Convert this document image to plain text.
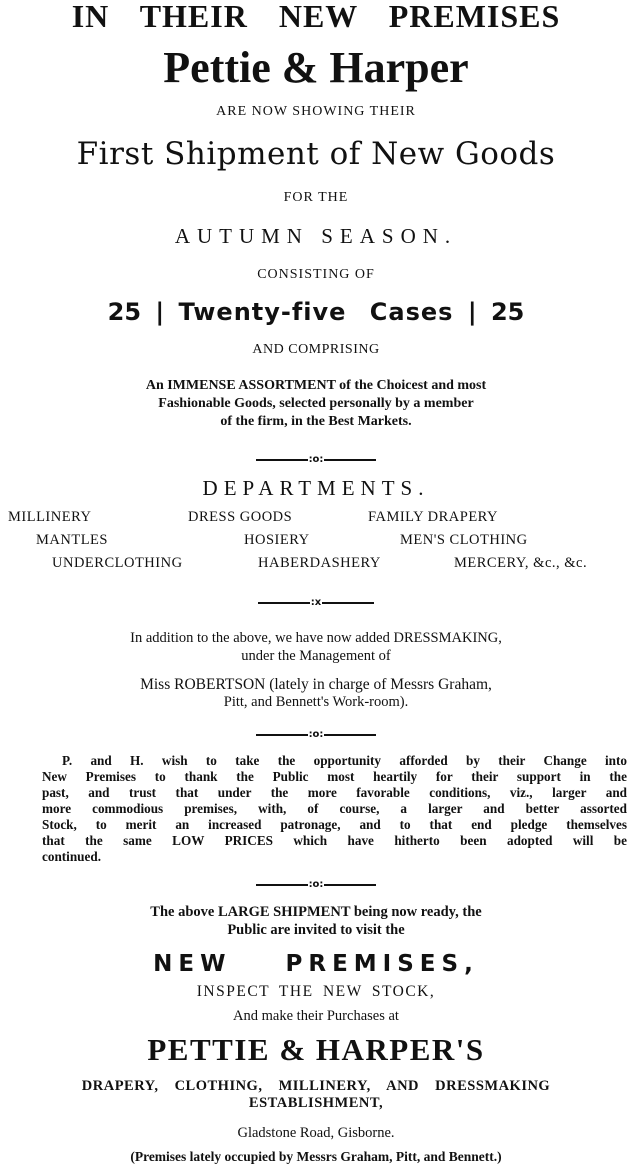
IN THEIR NEW PREMISES
Pettie & Harper
ARE NOW SHOWING THEIR
First Shipment of New Goods
FOR THE
AUTUMN SEASON.
CONSISTING OF
25 | Twenty-five Cases | 25
AND COMPRISING
An IMMENSE ASSORTMENT of the Choicest and most
Fashionable Goods, selected personally by a member
of the firm, in the Best Markets.
:o:
DEPARTMENTS.
MILLINERY	DRESS GOODS	FAMILY DRAPERY
MANTLES	HOSIERY	MEN'S CLOTHING
UNDERCLOTHING	HABERDASHERY	MERCERY, &c., &c.
:x
In addition to the above, we have now added DRESSMAKING,
under the Management of
Miss ROBERTSON (lately in charge of Messrs Graham,
Pitt, and Bennett's Work-room).
:o:
P. and H. wish to take the opportunity afforded by their Change into
New Premises to thank the Public most heartily for their support in the
past, and trust that under the more favorable conditions, viz., larger and
more commodious premises, with, of course, a larger and better assorted
Stock, to merit an increased patronage, and to that end pledge themselves
that the same LOW PRICES which have hitherto been adopted will be
continued.
:o:
The above LARGE SHIPMENT being now ready, the
Public are invited to visit the
NEW PREMISES,
INSPECT THE NEW STOCK,
And make their Purchases at
PETTIE & HARPER'S
DRAPERY, CLOTHING, MILLINERY, AND DRESSMAKING
ESTABLISHMENT,
Gladstone Road, Gisborne.
(Premises lately occupied by Messrs Graham, Pitt, and Bennett.)
